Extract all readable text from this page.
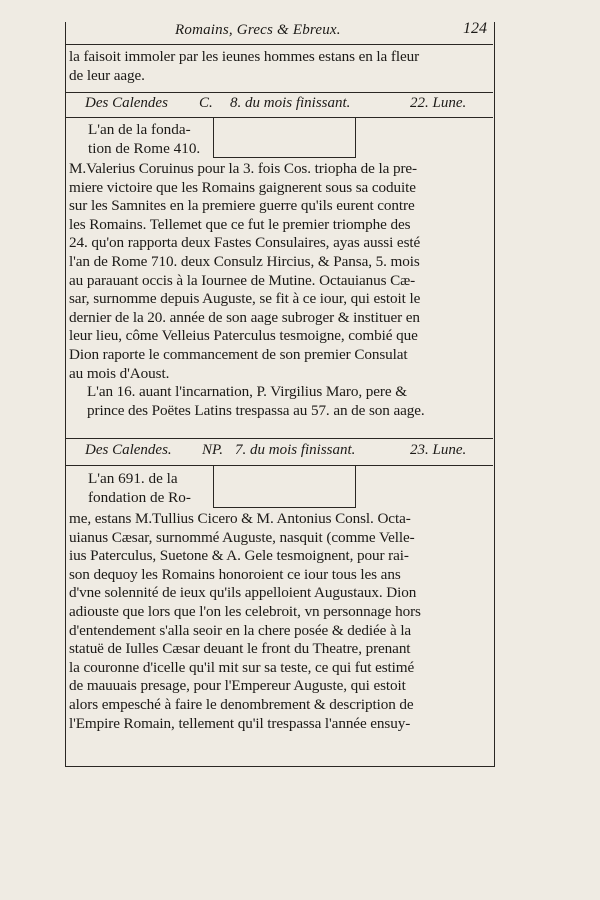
Romains, Grecs & Ebreux.	124

la faisoit immoler par les ieunes hommes estans en la fleur

de leur aage.

Des Calendes C. 8. du mois finissant.	22. Lune.
L'an de la fonda-
tion de Rome 410.

M.Valerius Coruinus pour la 3. fois Cos. triopha de la pre-

miere victoire que les Romains gaignerent sous sa coduite

sur les Samnites en la premiere guerre qu'ils eurent contre

les Romains. Tellemet que ce fut le premier triomphe des

24. qu'on rapporta deux Fastes Consulaires, ayas aussi esté

l'an de Rome 710. deux Consulz Hircius, & Pansa, 5. mois

au parauant occis à la Iournee de Mutine. Octauianus Cæ-

sar, surnomme depuis Auguste, se fit à ce iour, qui estoit le

dernier de la 20. année de son aage subroger & instituer en

leur lieu, côme Velleius Paterculus tesmoigne, combié que

Dion raporte le commancement de son premier Consulat

au mois d'Aoust.

L'an 16. auant l'incarnation, P. Virgilius Maro, pere &

prince des Poëtes Latins trespassa au 57. an de son aage.

Des Calendes. NP. 7. du mois finissant.	23. Lune.
L'an 691. de la
fondation de Ro-

me, estans M.Tullius Cicero & M. Antonius Consl. Octa-

uianus Cæsar, surnommé Auguste, nasquit (comme Velle-

ius Paterculus, Suetone & A. Gele tesmoignent, pour rai-

son dequoy les Romains honoroient ce iour tous les ans

d'vne solennité de ieux qu'ils appelloient Augustaux. Dion

adiouste que lors que l'on les celebroit, vn personnage hors

d'entendement s'alla seoir en la chere posée & dediée à la

statuë de Iulles Cæsar deuant le front du Theatre, prenant

la couronne d'icelle qu'il mit sur sa teste, ce qui fut estimé

de mauuais presage, pour l'Empereur Auguste, qui estoit

alors empesché à faire le denombrement & description de

l'Empire Romain, tellement qu'il trespassa l'année ensuy-
